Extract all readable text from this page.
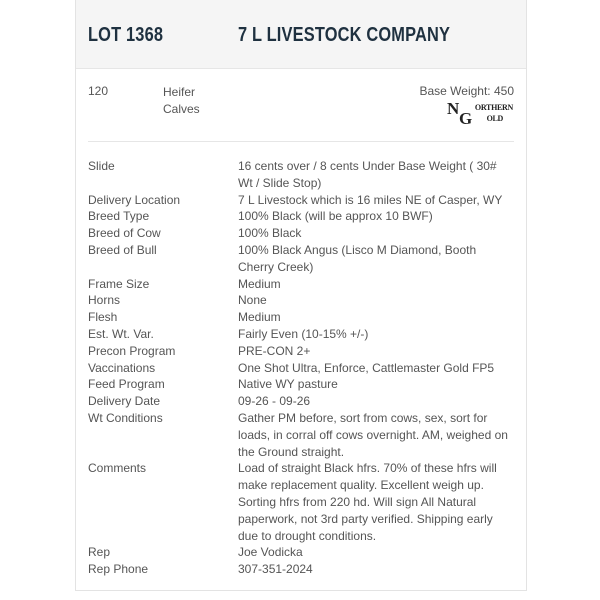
LOT 1368	7 L LIVESTOCK COMPANY
120	Heifer Calves
Base Weight: 450
N orthern
G old
Slide	16 cents over / 8 cents Under Base Weight ( 30# Wt / Slide Stop)
Delivery Location	7 L Livestock which is 16 miles NE of Casper, WY
Breed Type	100% Black (will be approx 10 BWF)
Breed of Cow	100% Black
Breed of Bull	100% Black Angus (Lisco M Diamond, Booth Cherry Creek)
Frame Size	Medium
Horns	None
Flesh	Medium
Est. Wt. Var.	Fairly Even (10-15% +/-)
Precon Program	PRE-CON 2+
Vaccinations	One Shot Ultra, Enforce, Cattlemaster Gold FP5
Feed Program	Native WY pasture
Delivery Date	09-26 - 09-26
Wt Conditions	Gather PM before, sort from cows, sex, sort for loads, in corral off cows overnight. AM, weighed on the Ground straight.
Comments	Load of straight Black hfrs. 70% of these hfrs will make replacement quality. Excellent weigh up. Sorting hfrs from 220 hd. Will sign All Natural paperwork, not 3rd party verified. Shipping early due to drought conditions.
Rep	Joe Vodicka
Rep Phone	307-351-2024
